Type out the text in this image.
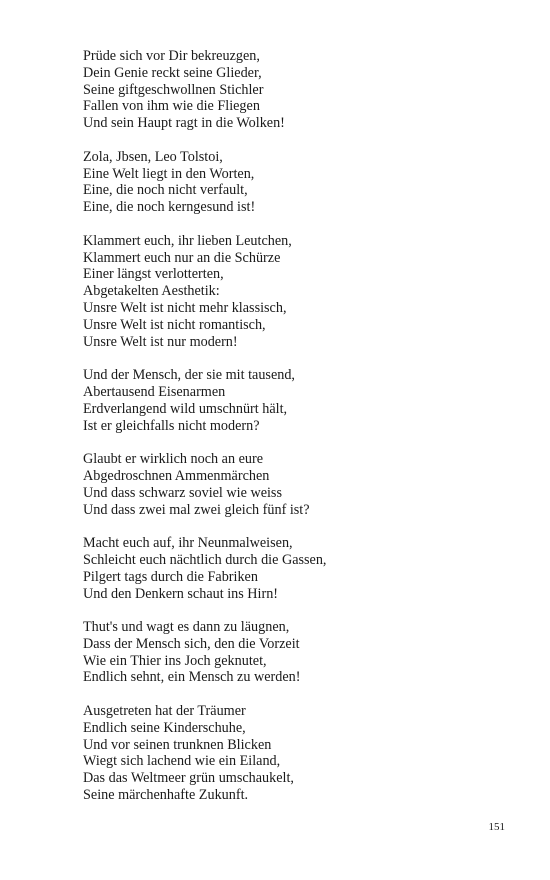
Prüde sich vor Dir bekreuzgen,
Dein Genie reckt seine Glieder,
Seine giftgeschwollnen Stichler
Fallen von ihm wie die Fliegen
Und sein Haupt ragt in die Wolken!
Zola, Jbsen, Leo Tolstoi,
Eine Welt liegt in den Worten,
Eine, die noch nicht verfault,
Eine, die noch kerngesund ist!
Klammert euch, ihr lieben Leutchen,
Klammert euch nur an die Schürze
Einer längst verlotterten,
Abgetakelten Aesthetik:
Unsre Welt ist nicht mehr klassisch,
Unsre Welt ist nicht romantisch,
Unsre Welt ist nur modern!
Und der Mensch, der sie mit tausend,
Abertausend Eisenarmen
Erdverlangend wild umschnürt hält,
Ist er gleichfalls nicht modern?
Glaubt er wirklich noch an eure
Abgedroschnen Ammenmärchen
Und dass schwarz soviel wie weiss
Und dass zwei mal zwei gleich fünf ist?
Macht euch auf, ihr Neunmalweisen,
Schleicht euch nächtlich durch die Gassen,
Pilgert tags durch die Fabriken
Und den Denkern schaut ins Hirn!
Thut's und wagt es dann zu läugnen,
Dass der Mensch sich, den die Vorzeit
Wie ein Thier ins Joch geknutet,
Endlich sehnt, ein Mensch zu werden!
Ausgetreten hat der Träumer
Endlich seine Kinderschuhe,
Und vor seinen trunknen Blicken
Wiegt sich lachend wie ein Eiland,
Das das Weltmeer grün umschaukelt,
Seine märchenhafte Zukunft.
151
